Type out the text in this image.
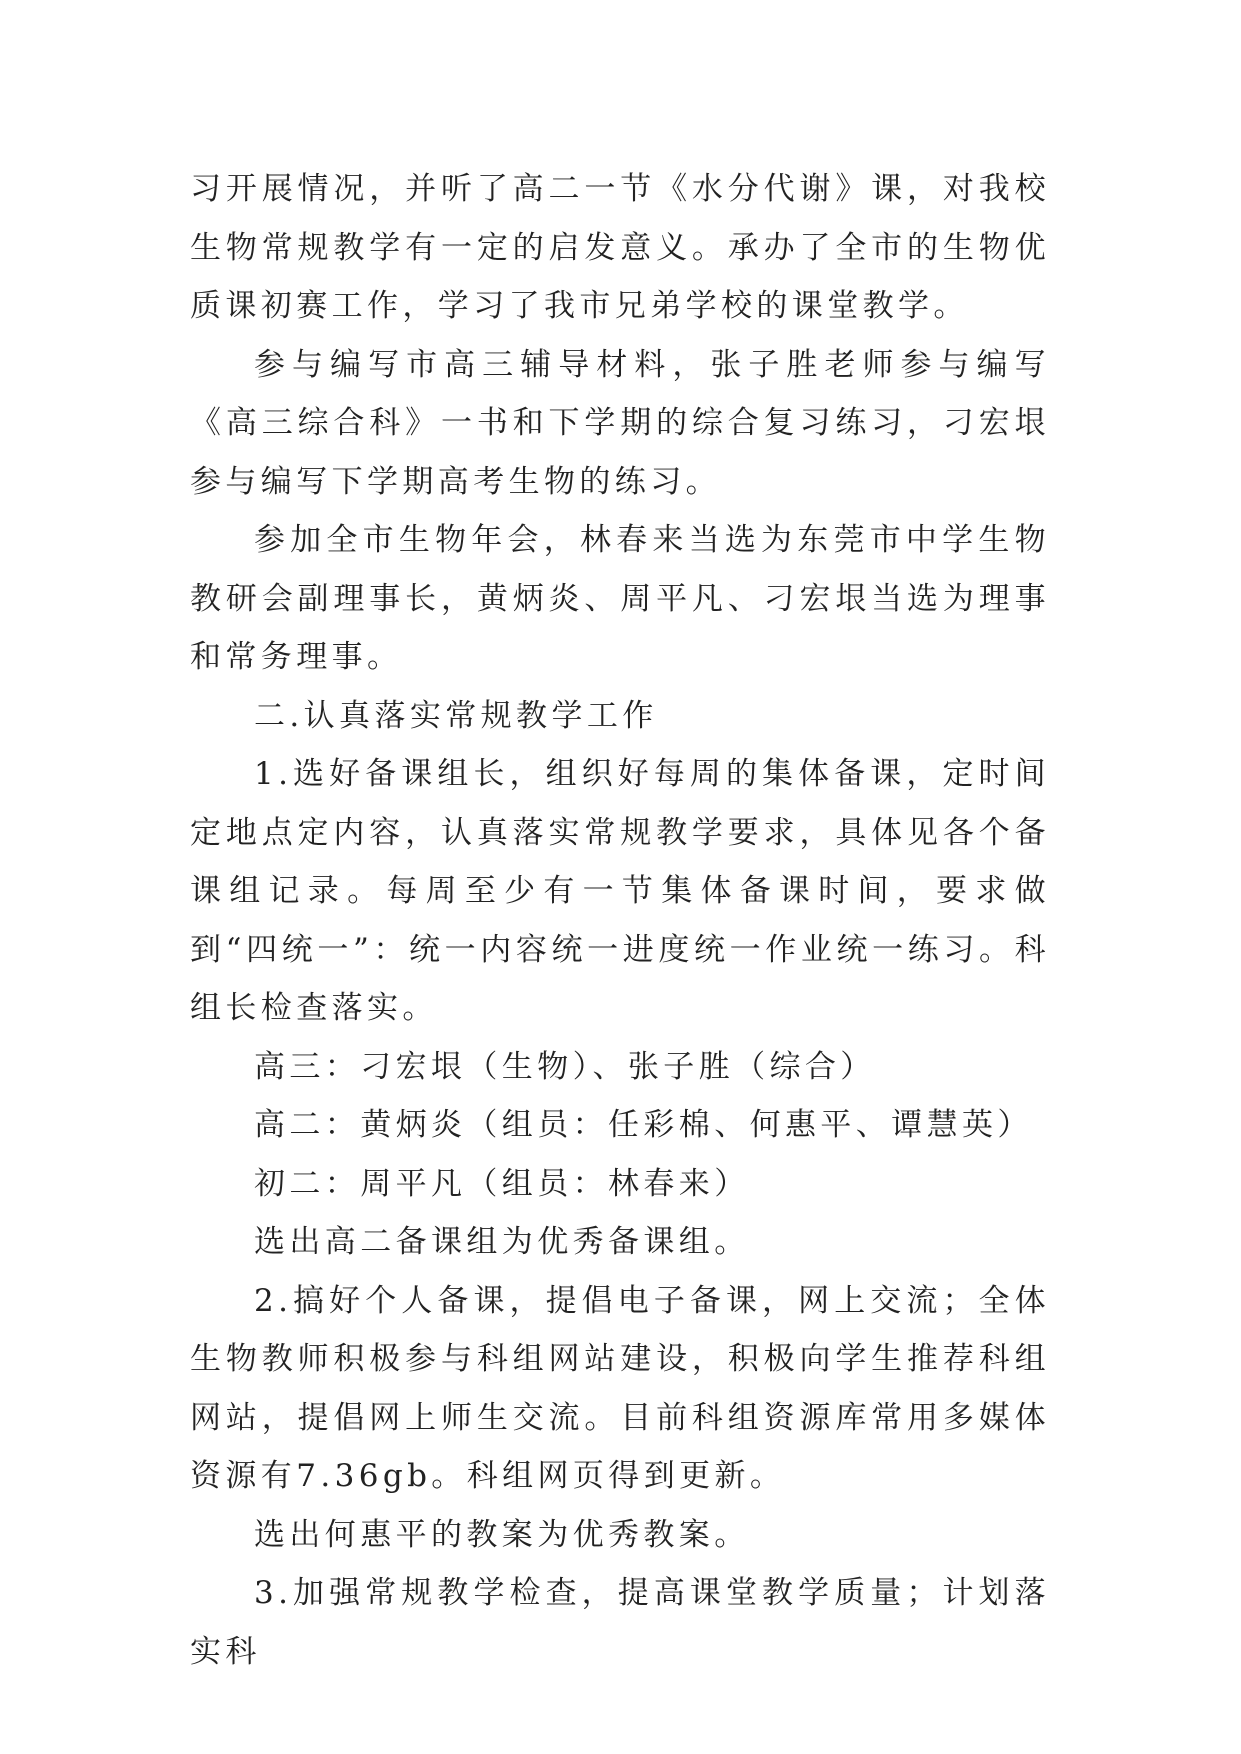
习开展情况，并听了高二一节《水分代谢》课，对我校生物常规教学有一定的启发意义。承办了全市的生物优质课初赛工作，学习了我市兄弟学校的课堂教学。

参与编写市高三辅导材料，张子胜老师参与编写《高三综合科》一书和下学期的综合复习练习，刁宏垠参与编写下学期高考生物的练习。

参加全市生物年会，林春来当选为东莞市中学生物教研会副理事长，黄炳炎、周平凡、刁宏垠当选为理事和常务理事。

二.认真落实常规教学工作

1.选好备课组长，组织好每周的集体备课，定时间定地点定内容，认真落实常规教学要求，具体见各个备课组记录。每周至少有一节集体备课时间，要求做到“四统一”：统一内容统一进度统一作业统一练习。科组长检查落实。

高三：刁宏垠（生物）、张子胜（综合）

高二：黄炳炎（组员：任彩棉、何惠平、谭慧英）

初二：周平凡（组员：林春来）

选出高二备课组为优秀备课组。

2.搞好个人备课，提倡电子备课，网上交流；全体生物教师积极参与科组网站建设，积极向学生推荐科组网站，提倡网上师生交流。目前科组资源库常用多媒体资源有7.36gb。科组网页得到更新。

选出何惠平的教案为优秀教案。

3.加强常规教学检查，提高课堂教学质量；计划落实科
